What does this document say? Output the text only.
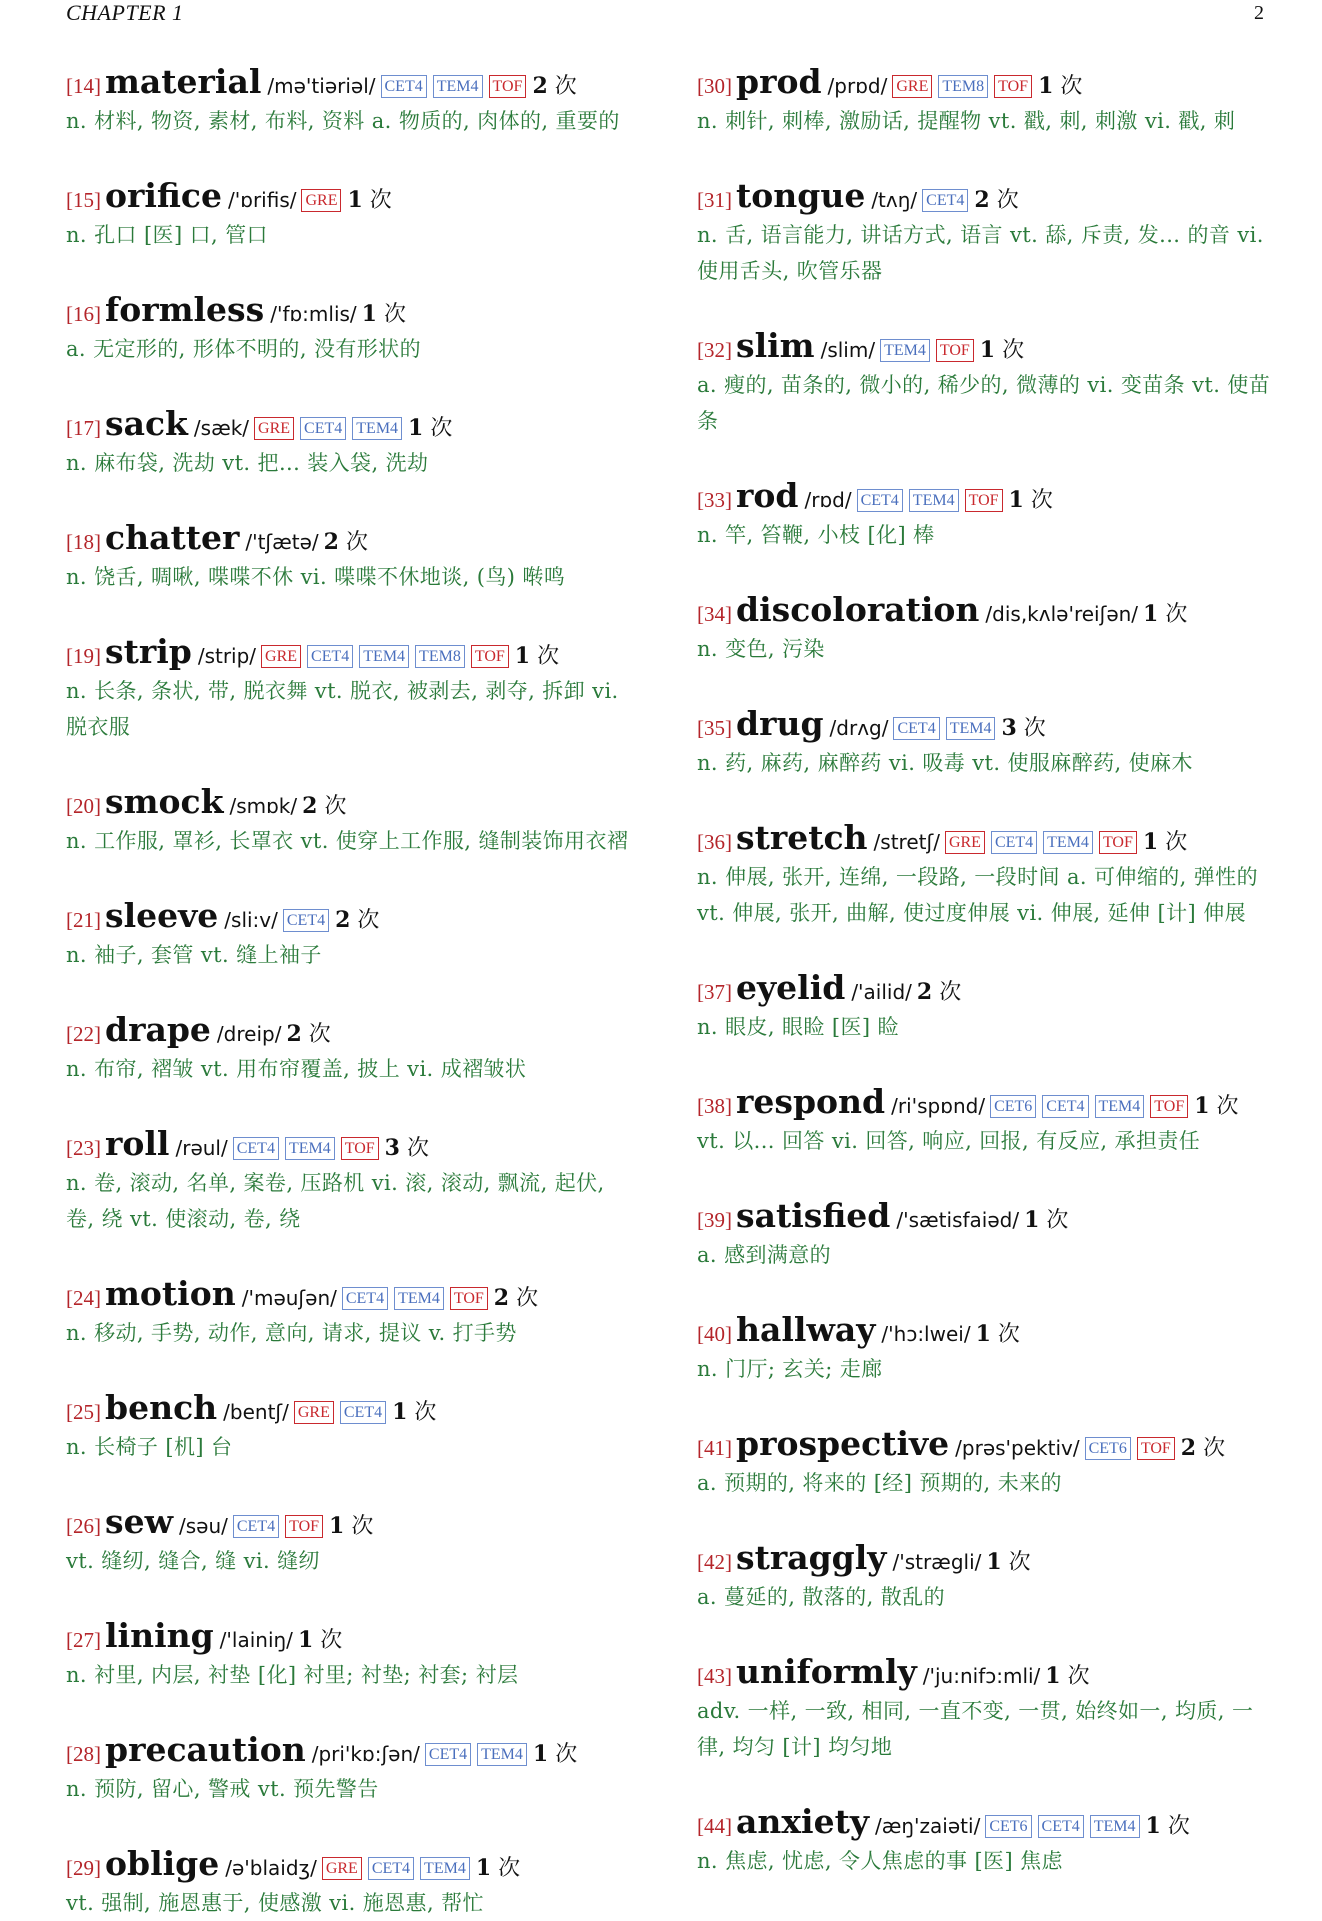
CHAPTER 1	2
[14] material /mə'tiəriəl/ CET4 TEM4 TOF 2 次
n. 材料, 物资, 素材, 布料, 资料 a. 物质的, 肉体的, 重要的
[15] orifice /'ɒrifis/ GRE 1 次
n. 孔口 [医] 口, 管口
[16] formless /'fɒ:mlis/ 1 次
a. 无定形的, 形体不明的, 没有形状的
[17] sack /sæk/ GRE CET4 TEM4 1 次
n. 麻布袋, 洗劫 vt. 把... 装入袋, 洗劫
[18] chatter /'tʃætə/ 2 次
n. 饶舌, 啁啾, 喋喋不休 vi. 喋喋不休地谈, (鸟) 啭鸣
[19] strip /strip/ GRE CET4 TEM4 TEM8 TOF 1 次
n. 长条, 条状, 带, 脱衣舞 vt. 脱衣, 被剥去, 剥夺, 拆卸 vi. 脱衣服
[20] smock /smɒk/ 2 次
n. 工作服, 罩衫, 长罩衣 vt. 使穿上工作服, 缝制装饰用衣褶
[21] sleeve /sli:v/ CET4 2 次
n. 袖子, 套管 vt. 缝上袖子
[22] drape /dreip/ 2 次
n. 布帘, 褶皱 vt. 用布帘覆盖, 披上 vi. 成褶皱状
[23] roll /rəul/ CET4 TEM4 TOF 3 次
n. 卷, 滚动, 名单, 案卷, 压路机 vi. 滚, 滚动, 飘流, 起伏, 卷, 绕 vt. 使滚动, 卷, 绕
[24] motion /'məuʃən/ CET4 TEM4 TOF 2 次
n. 移动, 手势, 动作, 意向, 请求, 提议 v. 打手势
[25] bench /bentʃ/ GRE CET4 1 次
n. 长椅子 [机] 台
[26] sew /səu/ CET4 TOF 1 次
vt. 缝纫, 缝合, 缝 vi. 缝纫
[27] lining /'lainiŋ/ 1 次
n. 衬里, 内层, 衬垫 [化] 衬里; 衬垫; 衬套; 衬层
[28] precaution /pri'kɒ:ʃən/ CET4 TEM4 1 次
n. 预防, 留心, 警戒 vt. 预先警告
[29] oblige /ə'blaidʒ/ GRE CET4 TEM4 1 次
vt. 强制, 施恩惠于, 使感激 vi. 施恩惠, 帮忙
[30] prod /prɒd/ GRE TEM8 TOF 1 次
n. 刺针, 刺棒, 激励话, 提醒物 vt. 戳, 刺, 刺激 vi. 戳, 刺
[31] tongue /tʌŋ/ CET4 2 次
n. 舌, 语言能力, 讲话方式, 语言 vt. 舔, 斥责, 发... 的音 vi. 使用舌头, 吹管乐器
[32] slim /slim/ TEM4 TOF 1 次
a. 瘦的, 苗条的, 微小的, 稀少的, 微薄的 vi. 变苗条 vt. 使苗条
[33] rod /rɒd/ CET4 TEM4 TOF 1 次
n. 竿, 笞鞭, 小枝 [化] 棒
[34] discoloration /dis,kʌlə'reiʃən/ 1 次
n. 变色, 污染
[35] drug /drʌg/ CET4 TEM4 3 次
n. 药, 麻药, 麻醉药 vi. 吸毒 vt. 使服麻醉药, 使麻木
[36] stretch /stretʃ/ GRE CET4 TEM4 TOF 1 次
n. 伸展, 张开, 连绵, 一段路, 一段时间 a. 可伸缩的, 弹性的 vt. 伸展, 张开, 曲解, 使过度伸展 vi. 伸展, 延伸 [计] 伸展
[37] eyelid /'ailid/ 2 次
n. 眼皮, 眼睑 [医] 睑
[38] respond /ri'spɒnd/ CET6 CET4 TEM4 TOF 1 次
vt. 以... 回答 vi. 回答, 响应, 回报, 有反应, 承担责任
[39] satisfied /'sætisfaiəd/ 1 次
a. 感到满意的
[40] hallway /'hɔ:lwei/ 1 次
n. 门厅; 玄关; 走廊
[41] prospective /prəs'pektiv/ CET6 TOF 2 次
a. 预期的, 将来的 [经] 预期的, 未来的
[42] straggly /'strægli/ 1 次
a. 蔓延的, 散落的, 散乱的
[43] uniformly /'ju:nifɔ:mli/ 1 次
adv. 一样, 一致, 相同, 一直不变, 一贯, 始终如一, 均质, 一律, 均匀 [计] 均匀地
[44] anxiety /æŋ'zaiəti/ CET6 CET4 TEM4 1 次
n. 焦虑, 忧虑, 令人焦虑的事 [医] 焦虑
